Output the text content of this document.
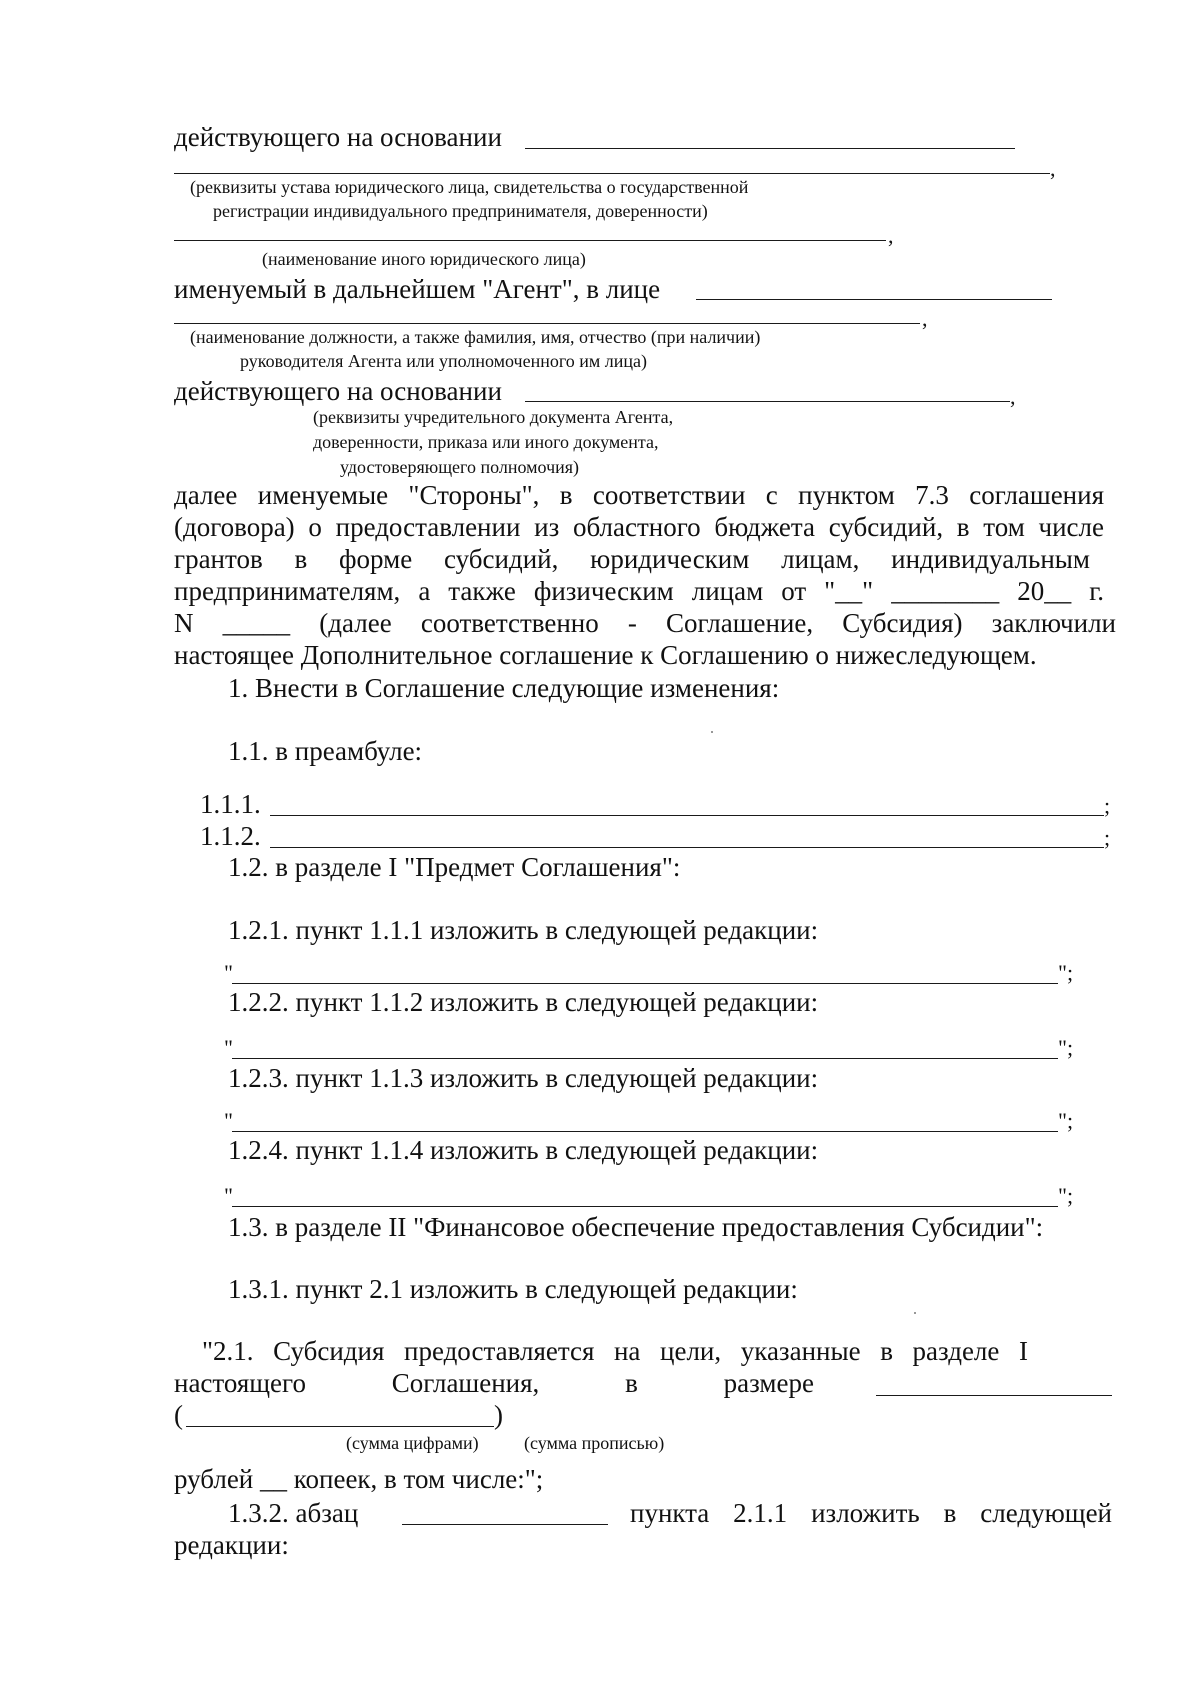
действующего на основании
,
(реквизиты устава юридического лица, свидетельства о государственной
регистрации индивидуального предпринимателя, доверенности)
,
(наименование иного юридического лица)
именуемый в дальнейшем "Агент", в лице
,
(наименование должности, а также фамилия, имя, отчество (при наличии)
руководителя Агента или уполномоченного им лица)
действующего на основании	,
(реквизиты учредительного документа Агента,
доверенности, приказа или иного документа,
удостоверяющего полномочия)
далее именуемые "Стороны", в соответствии с пунктом 7.3 соглашения
(договора) о предоставлении из областного бюджета субсидий, в том числе
грантов в форме субсидий, юридическим лицам, индивидуальным
предпринимателям, а также физическим лицам от "__" ________ 20__ г.
N _____ (далее соответственно - Соглашение, Субсидия) заключили
настоящее Дополнительное соглашение к Соглашению о нижеследующем.
1. Внести в Соглашение следующие изменения:
1.1. в преамбуле:
1.1.1.	;
1.1.2.	;
1.2. в разделе I "Предмет Соглашения":
1.2.1. пункт 1.1.1 изложить в следующей редакции:
"	";
1.2.2. пункт 1.1.2 изложить в следующей редакции:
"	";
1.2.3. пункт 1.1.3 изложить в следующей редакции:
"	";
1.2.4. пункт 1.1.4 изложить в следующей редакции:
"	";
1.3. в разделе II "Финансовое обеспечение предоставления Субсидии":
1.3.1. пункт 2.1 изложить в следующей редакции:
"2.1. Субсидия предоставляется на цели, указанные в разделе I
настоящего Соглашения, в размере
(	)
(сумма цифрами)	(сумма прописью)
рублей __ копеек, в том числе:";
1.3.2. абзац	пункта 2.1.1 изложить в следующей
редакции:
